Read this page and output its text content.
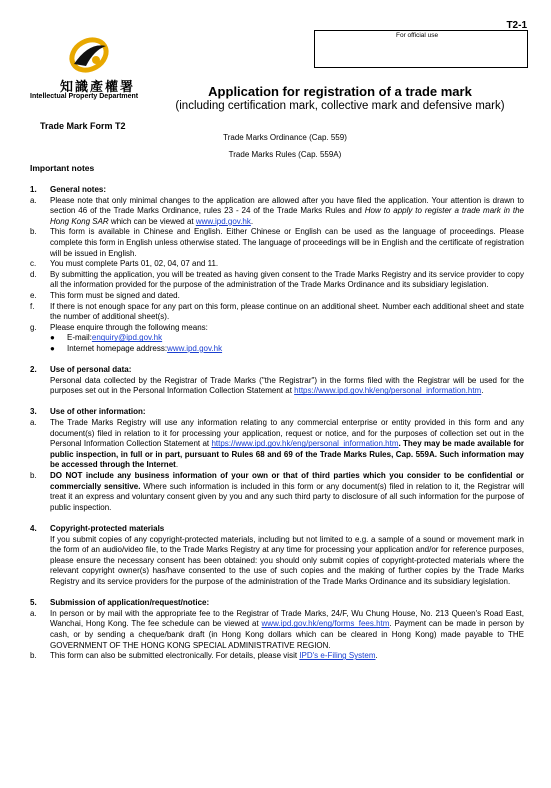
T2-1
For official use
知識產權署
Intellectual Property Department	Application for registration of a trade mark
(including certification mark, collective mark and defensive mark)
Trade Mark Form T2
Trade Marks Ordinance (Cap. 559)
Trade Marks Rules (Cap. 559A)
Important notes
1.	General notes:
a.	Please note that only minimal changes to the application are allowed after you have filed the application. Your attention is drawn to section 46 of the Trade Marks Ordinance, rules 23 - 24 of the Trade Marks Rules and How to apply to register a trade mark in the Hong Kong SAR which can be viewed at www.ipd.gov.hk.
b.	This form is available in Chinese and English. Either Chinese or English can be used as the language of proceedings. Please complete this form in English unless otherwise stated. The language of proceedings will be in English and the certificate of registration will be issued in English.
c.	You must complete Parts 01, 02, 04, 07 and 11.
d.	By submitting the application, you will be treated as having given consent to the Trade Marks Registry and its service provider to copy all the information provided for the purpose of the administration of the Trade Marks Ordinance and its subsidiary legislation.
e.	This form must be signed and dated.
f.	If there is not enough space for any part on this form, please continue on an additional sheet. Number each additional sheet and state the number of additional sheet(s).
g.	Please enquire through the following means:
●	E-mail: enquiry@ipd.gov.hk
●	Internet homepage address: www.ipd.gov.hk
2.	Use of personal data:
Personal data collected by the Registrar of Trade Marks ("the Registrar") in the forms filed with the Registrar will be used for the purposes set out in the Personal Information Collection Statement at https://www.ipd.gov.hk/eng/personal_information.htm.
3.	Use of other information:
a.	The Trade Marks Registry will use any information relating to any commercial enterprise or entity provided in this form and any document(s) filed in relation to it for processing your application, request or notice, and for the purposes of collection set out in the Personal Information Collection Statement at https://www.ipd.gov.hk/eng/personal_information.htm. They may be made available for public inspection, in full or in part, pursuant to Rules 68 and 69 of the Trade Marks Rules, Cap. 559A. Such information may be accessed through the Internet.
b.	DO NOT include any business information of your own or that of third parties which you consider to be confidential or commercially sensitive. Where such information is included in this form or any document(s) filed in relation to it, the Registrar will treat it an express and voluntary consent given by you and any such third party to disclosure of all such information for the purpose of public inspection.
4.	Copyright-protected materials
If you submit copies of any copyright-protected materials, including but not limited to e.g. a sample of a sound or movement mark in the form of an audio/video file, to the Trade Marks Registry at any time for processing your application and/or for reference purposes, please ensure the necessary consent has been obtained: you should only submit copies of copyright-protected materials where the relevant copyright owner(s) has/have consented to the use of such copies and the making of further copies by the Trade Marks Registry and its service providers for the purpose of the administration of the Trade Marks Ordinance and its subsidiary legislation.
5.	Submission of application/request/notice:
a.	In person or by mail with the appropriate fee to the Registrar of Trade Marks, 24/F, Wu Chung House, No. 213 Queen's Road East, Wanchai, Hong Kong. The fee schedule can be viewed at www.ipd.gov.hk/eng/forms_fees.htm. Payment can be made in person by cash, or by sending a cheque/bank draft (in Hong Kong dollars which can be cleared in Hong Kong) made payable to THE GOVERNMENT OF THE HONG KONG SPECIAL ADMINISTRATIVE REGION.
b.	This form can also be submitted electronically. For details, please visit IPD's e-Filing System.
